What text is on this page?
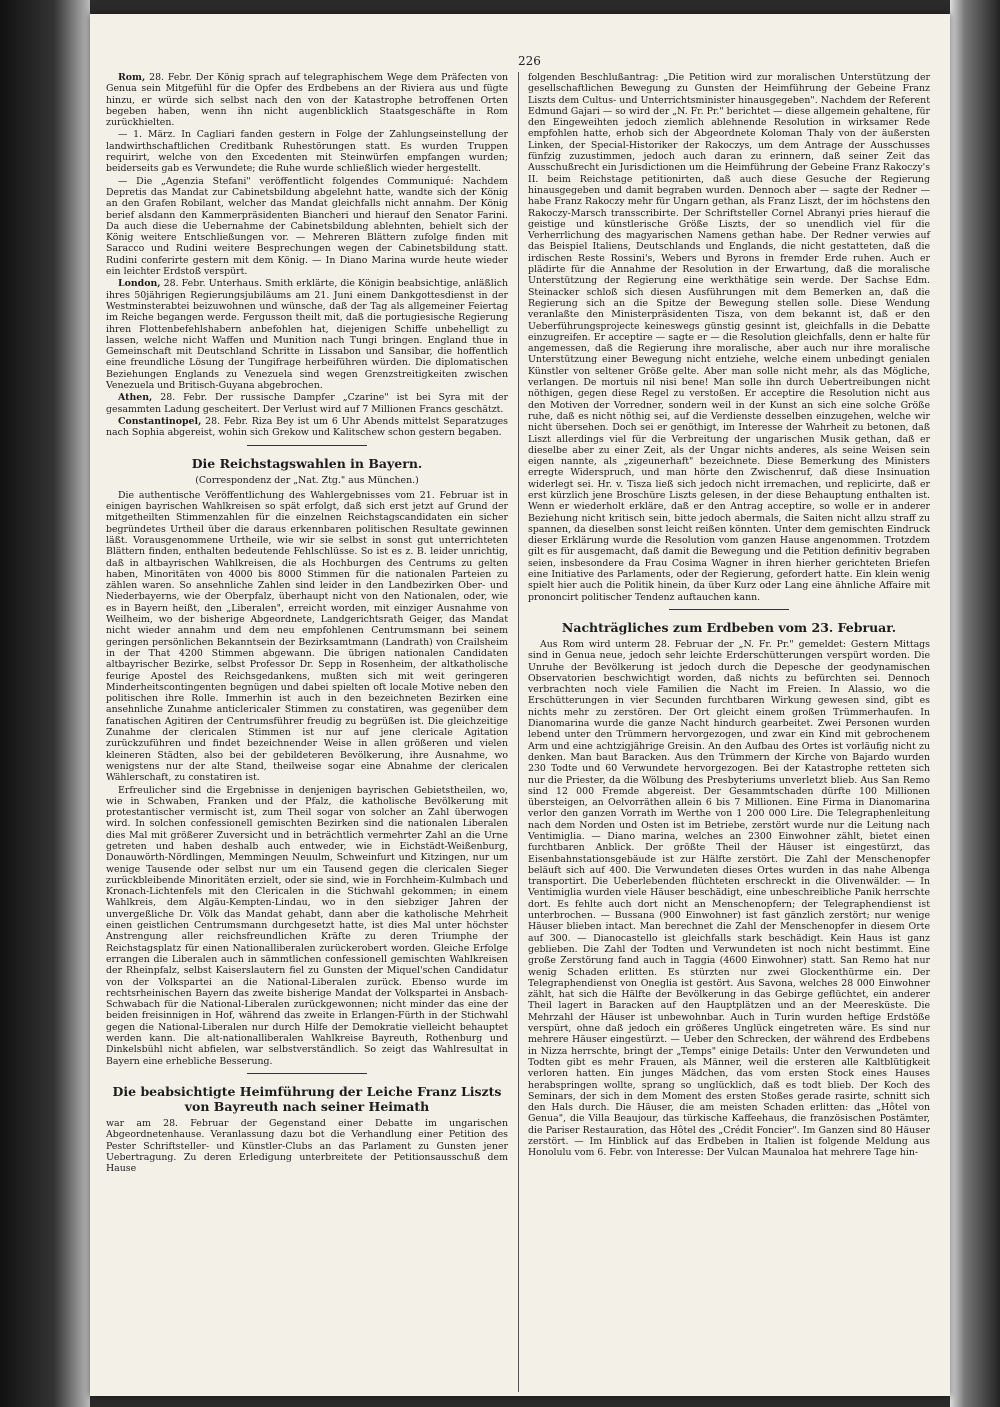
226

Rom, 28. Febr. Der König sprach auf telegraphischem Wege dem Präfecten von Genua sein Mitgefühl für die Opfer des Erdbebens an der Riviera aus und fügte hinzu, er würde sich selbst nach den von der Katastrophe betroffenen Orten begeben haben, wenn ihn nicht augenblicklich Staatsgeschäfte in Rom zurückhielten.

— 1. März. In Cagliari fanden gestern in Folge der Zahlungseinstellung der landwirthschaftlichen Creditbank Ruhestörungen statt. Es wurden Truppen requirirt, welche von den Excedenten mit Steinwürfen empfangen wurden; beiderseits gab es Verwundete; die Ruhe wurde schließlich wieder hergestellt.

— Die „Agenzia Stefani" veröffentlicht folgendes Communiqué: Nachdem Depretis das Mandat zur Cabinetsbildung abgelehnt hatte, wandte sich der König an den Grafen Robilant, welcher das Mandat gleichfalls nicht annahm. Der König berief alsdann den Kammerpräsidenten Biancheri und hierauf den Senator Farini. Da auch diese die Uebernahme der Cabinetsbildung ablehnten, behielt sich der König weitere Entschließungen vor. — Mehreren Blättern zufolge finden mit Saracco und Rudini weitere Besprechungen wegen der Cabinetsbildung statt. Rudini conferirte gestern mit dem König. — In Diano Marina wurde heute wieder ein leichter Erdstoß verspürt.

London, 28. Febr. Unterhaus. Smith erklärte, die Königin beabsichtige, anläßlich ihres 50jährigen Regierungsjubiläums am 21. Juni einem Dankgottesdienst in der Westminsterabtei beizuwohnen und wünsche, daß der Tag als allgemeiner Feiertag im Reiche begangen werde. Fergusson theilt mit, daß die portugiesische Regierung ihren Flottenbefehlshabern anbefohlen hat, diejenigen Schiffe unbehelligt zu lassen, welche nicht Waffen und Munition nach Tungi bringen. England thue in Gemeinschaft mit Deutschland Schritte in Lissabon und Sansibar, die hoffentlich eine freundliche Lösung der Tungifrage herbeiführen würden. Die diplomatischen Beziehungen Englands zu Venezuela sind wegen Grenzstreitigkeiten zwischen Venezuela und Britisch-Guyana abgebrochen.

Athen, 28. Febr. Der russische Dampfer „Czarine" ist bei Syra mit der gesammten Ladung gescheitert. Der Verlust wird auf 7 Millionen Francs geschätzt.

Constantinopel, 28. Febr. Riza Bey ist um 6 Uhr Abends mittelst Separatzuges nach Sophia abgereist, wohin sich Grekow und Kalitschew schon gestern begaben.

Die Reichstagswahlen in Bayern.
(Correspondenz der „Nat. Ztg." aus München.)

Die authentische Veröffentlichung des Wahlergebnisses vom 21. Februar ist in einigen bayrischen Wahlkreisen so spät erfolgt, daß sich erst jetzt auf Grund der mitgetheilten Stimmenzahlen für die einzelnen Reichstagscandidaten ein sicher begründetes Urtheil über die daraus erkennbaren politischen Resultate gewinnen läßt. Vorausgenommene Urtheile, wie wir sie selbst in sonst gut unterrichteten Blättern finden, enthalten bedeutende Fehlschlüsse. So ist es z. B. leider unrichtig, daß in altbayrischen Wahlkreisen, die als Hochburgen des Centrums zu gelten haben, Minoritäten von 4000 bis 8000 Stimmen für die nationalen Parteien zu zählen waren. So ansehnliche Zahlen sind leider in den Landbezirken Ober- und Niederbayerns, wie der Oberpfalz, überhaupt nicht von den Nationalen, oder, wie es in Bayern heißt, den „Liberalen", erreicht worden, mit einziger Ausnahme von Weilheim, wo der bisherige Abgeordnete, Landgerichtsrath Geiger, das Mandat nicht wieder annahm und dem neu empfohlenen Centrumsmann bei seinem geringen persönlichen Bekanntsein der Bezirksamtmann (Landrath) von Crailsheim in der That 4200 Stimmen abgewann. Die übrigen nationalen Candidaten altbayrischer Bezirke, selbst Professor Dr. Sepp in Rosenheim, der altkatholische feurige Apostel des Reichsgedankens, mußten sich mit weit geringeren Minderheitscontingenten begnügen und dabei spielten oft locale Motive neben den politischen ihre Rolle. Immerhin ist auch in den bezeichneten Bezirken eine ansehnliche Zunahme anticlericaler Stimmen zu constatiren, was gegenüber dem fanatischen Agitiren der Centrumsführer freudig zu begrüßen ist. Die gleichzeitige Zunahme der clericalen Stimmen ist nur auf jene clericale Agitation zurückzuführen und findet bezeichnender Weise in allen größeren und vielen kleineren Städten, also bei der gebildeteren Bevölkerung, ihre Ausnahme, wo wenigstens nur der alte Stand, theilweise sogar eine Abnahme der clericalen Wählerschaft, zu constatiren ist.

Erfreulicher sind die Ergebnisse in denjenigen bayrischen Gebietstheilen, wo, wie in Schwaben, Franken und der Pfalz, die katholische Bevölkerung mit protestantischer vermischt ist, zum Theil sogar von solcher an Zahl überwogen wird. In solchen confessionell gemischten Bezirken sind die nationalen Liberalen dies Mal mit größerer Zuversicht und in beträchtlich vermehrter Zahl an die Urne getreten und haben deshalb auch entweder, wie in Eichstädt-Weißenburg, Donauwörth-Nördlingen, Memmingen Neuulm, Schweinfurt und Kitzingen, nur um wenige Tausende oder selbst nur um ein Tausend gegen die clericalen Sieger zurückbleibende Minoritäten erzielt, oder sie sind, wie in Forchheim-Kulmbach und Kronach-Lichtenfels mit den Clericalen in die Stichwahl gekommen; in einem Wahlkreis, dem Algäu-Kempten-Lindau, wo in den siebziger Jahren der unvergeßliche Dr. Völk das Mandat gehabt, dann aber die katholische Mehrheit einen geistlichen Centrumsmann durchgesetzt hatte, ist dies Mal unter höchster Anstrengung aller reichsfreundlichen Kräfte zu deren Triumphe der Reichstagsplatz für einen Nationalliberalen zurückerobert worden. Gleiche Erfolge errangen die Liberalen auch in sämmtlichen confessionell gemischten Wahlkreisen der Rheinpfalz, selbst Kaiserslautern fiel zu Gunsten der Miquel'schen Candidatur von der Volkspartei an die National-Liberalen zurück. Ebenso wurde im rechtsrheinischen Bayern das zweite bisherige Mandat der Volkspartei in Ansbach-Schwabach für die National-Liberalen zurückgewonnen; nicht minder das eine der beiden freisinnigen in Hof, während das zweite in Erlangen-Fürth in der Stichwahl gegen die National-Liberalen nur durch Hilfe der Demokratie vielleicht behauptet werden kann. Die alt-nationalliberalen Wahlkreise Bayreuth, Rothenburg und Dinkelsbühl nicht abfielen, war selbstverständlich. So zeigt das Wahlresultat in Bayern eine erhebliche Besserung.

Die beabsichtigte Heimführung der Leiche Franz Liszts von Bayreuth nach seiner Heimath

war am 28. Februar der Gegenstand einer Debatte im ungarischen Abgeordnetenhause. Veranlassung dazu bot die Verhandlung einer Petition des Pester Schriftsteller- und Künstler-Clubs an das Parlament zu Gunsten jener Uebertragung. Zu deren Erledigung unterbreitete der Petitionsausschuß dem Hause

folgenden Beschlußantrag: „Die Petition wird zur moralischen Unterstützung der gesellschaftlichen Bewegung zu Gunsten der Heimführung der Gebeine Franz Liszts dem Cultus- und Unterrichtsminister hinausgegeben". Nachdem der Referent Edmund Gajari — so wird der „N. Fr. Pr." berichtet — diese allgemein gehaltene, für den Eingeweihten jedoch ziemlich ablehnende Resolution in wirksamer Rede empfohlen hatte, erhob sich der Abgeordnete Koloman Thaly von der äußersten Linken, der Special-Historiker der Rakoczys, um dem Antrage der Ausschusses fünfzig zuzustimmen, jedoch auch daran zu erinnern, daß seiner Zeit das Ausschußrecht ein Jurisdictionen um die Heimführung der Gebeine Franz Rakoczy's II. beim Reichstage petitionirten, daß auch diese Gesuche der Regierung hinausgegeben und damit begraben wurden. Dennoch aber — sagte der Redner — habe Franz Rakoczy mehr für Ungarn gethan, als Franz Liszt, der im höchstens den Rakoczy-Marsch transscribirte. Der Schriftsteller Cornel Abranyi pries hierauf die geistige und künstlerische Größe Liszts, der so unendlich viel für die Verherrlichung des magyarischen Namens gethan habe. Der Redner verwies auf das Beispiel Italiens, Deutschlands und Englands, die nicht gestatteten, daß die irdischen Reste Rossini's, Webers und Byrons in fremder Erde ruhen. Auch er plädirte für die Annahme der Resolution in der Erwartung, daß die moralische Unterstützung der Regierung eine werkthätige sein werde. Der Sachse Edm. Steinacker schloß sich diesen Ausführungen mit dem Bemerken an, daß die Regierung sich an die Spitze der Bewegung stellen solle. Diese Wendung veranlaßte den Ministerpräsidenten Tisza, von dem bekannt ist, daß er den Ueberführungsprojecte keineswegs günstig gesinnt ist, gleichfalls in die Debatte einzugreifen. Er acceptire — sagte er — die Resolution gleichfalls, denn er halte für angemessen, daß die Regierung ihre moralische, aber auch nur ihre moralische Unterstützung einer Bewegung nicht entziehe, welche einem unbedingt genialen Künstler von seltener Größe gelte. Aber man solle nicht mehr, als das Mögliche, verlangen. De mortuis nil nisi bene! Man solle ihn durch Uebertreibungen nicht nöthigen, gegen diese Regel zu verstoßen. Er acceptire die Resolution nicht aus den Motiven der Vorredner, sondern weil in der Kunst an sich eine solche Größe ruhe, daß es nicht nöthig sei, auf die Verdienste desselben einzugehen, welche wir nicht übersehen. Doch sei er genöthigt, im Interesse der Wahrheit zu betonen, daß Liszt allerdings viel für die Verbreitung der ungarischen Musik gethan, daß er dieselbe aber zu einer Zeit, als der Ungar nichts anderes, als seine Weisen sein eigen nannte, als „zigeunerhaft" bezeichnete. Diese Bemerkung des Ministers erregte Widerspruch, und man hörte den Zwischenruf, daß diese Insinuation widerlegt sei. Hr. v. Tisza ließ sich jedoch nicht irremachen, und replicirte, daß er erst kürzlich jene Broschüre Liszts gelesen, in der diese Behauptung enthalten ist. Wenn er wiederholt erkläre, daß er den Antrag acceptire, so wolle er in anderer Beziehung nicht kritisch sein, bitte jedoch abermals, die Saiten nicht allzu straff zu spannen, da dieselben sonst leicht reißen könnten. Unter dem gemischten Eindruck dieser Erklärung wurde die Resolution vom ganzen Hause angenommen. Trotzdem gilt es für ausgemacht, daß damit die Bewegung und die Petition definitiv begraben seien, insbesondere da Frau Cosima Wagner in ihren hierher gerichteten Briefen eine Initiative des Parlaments, oder der Regierung, gefordert hatte. Ein klein wenig spielt hier auch die Politik hinein, da über Kurz oder Lang eine ähnliche Affaire mit prononcirt politischer Tendenz auftauchen kann.

Nachträgliches zum Erdbeben vom 23. Februar.

Aus Rom wird unterm 28. Februar der „N. Fr. Pr." gemeldet: Gestern Mittags sind in Genua neue, jedoch sehr leichte Erderschütterungen verspürt worden. Die Unruhe der Bevölkerung ist jedoch durch die Depesche der geodynamischen Observatorien beschwichtigt worden, daß nichts zu befürchten sei. Dennoch verbrachten noch viele Familien die Nacht im Freien. In Alassio, wo die Erschütterungen in vier Secunden furchtbaren Wirkung gewesen sind, gibt es nichts mehr zu zerstören. Der Ort gleicht einem großen Trümmerhaufen. In Dianomarina wurde die ganze Nacht hindurch gearbeitet. Zwei Personen wurden lebend unter den Trümmern hervorgezogen, und zwar ein Kind mit gebrochenem Arm und eine achtzigjährige Greisin. An den Aufbau des Ortes ist vorläufig nicht zu denken. Man baut Baracken. Aus den Trümmern der Kirche von Bajardo wurden 230 Todte und 60 Verwundete hervorgezogen. Bei der Katastrophe retteten sich nur die Priester, da die Wölbung des Presbyteriums unverletzt blieb. Aus San Remo sind 12 000 Fremde abgereist. Der Gesammtschaden dürfte 100 Millionen übersteigen, an Oelvorräthen allein 6 bis 7 Millionen. Eine Firma in Dianomarina verlor den ganzen Vorrath im Werthe von 1 200 000 Lire. Die Telegraphenleitung nach dem Norden und Osten ist im Betriebe, zerstört wurde nur die Leitung nach Ventimiglia. — Diano marina, welches an 2300 Einwohner zählt, bietet einen furchtbaren Anblick. Der größte Theil der Häuser ist eingestürzt, das Eisenbahnstationsgebäude ist zur Hälfte zerstört. Die Zahl der Menschenopfer beläuft sich auf 400. Die Verwundeten dieses Ortes wurden in das nahe Albenga transportirt. Die Ueberlebenden flüchteten erschreckt in die Olivenwälder. — In Ventimiglia wurden viele Häuser beschädigt, eine unbeschreibliche Panik herrschte dort. Es fehlte auch dort nicht an Menschenopfern; der Telegraphendienst ist unterbrochen. — Bussana (900 Einwohner) ist fast gänzlich zerstört; nur wenige Häuser blieben intact. Man berechnet die Zahl der Menschenopfer in diesem Orte auf 300. — Dianocastello ist gleichfalls stark beschädigt. Kein Haus ist ganz geblieben. Die Zahl der Todten und Verwundeten ist noch nicht bestimmt. Eine große Zerstörung fand auch in Taggia (4600 Einwohner) statt. San Remo hat nur wenig Schaden erlitten. Es stürzten nur zwei Glockenthürme ein. Der Telegraphendienst von Oneglia ist gestört. Aus Savona, welches 28 000 Einwohner zählt, hat sich die Hälfte der Bevölkerung in das Gebirge geflüchtet, ein anderer Theil lagert in Baracken auf den Hauptplätzen und an der Meeresküste. Die Mehrzahl der Häuser ist unbewohnbar. Auch in Turin wurden heftige Erdstöße verspürt, ohne daß jedoch ein größeres Unglück eingetreten wäre. Es sind nur mehrere Häuser eingestürzt. — Ueber den Schrecken, der während des Erdbebens in Nizza herrschte, bringt der „Temps" einige Details: Unter den Verwundeten und Todten gibt es mehr Frauen, als Männer, weil die ersteren alle Kaltblütigkeit verloren hatten. Ein junges Mädchen, das vom ersten Stock eines Hauses herabspringen wollte, sprang so unglücklich, daß es todt blieb. Der Koch des Seminars, der sich in dem Moment des ersten Stoßes gerade rasirte, schnitt sich den Hals durch. Die Häuser, die am meisten Schaden erlitten: das „Hôtel von Genua", die Villa Beaujour, das türkische Kaffeehaus, die französischen Postämter, die Pariser Restauration, das Hôtel des „Crédit Foncier". Im Ganzen sind 80 Häuser zerstört. — Im Hinblick auf das Erdbeben in Italien ist folgende Meldung aus Honolulu vom 6. Febr. von Interesse: Der Vulcan Maunaloa hat mehrere Tage hin-
